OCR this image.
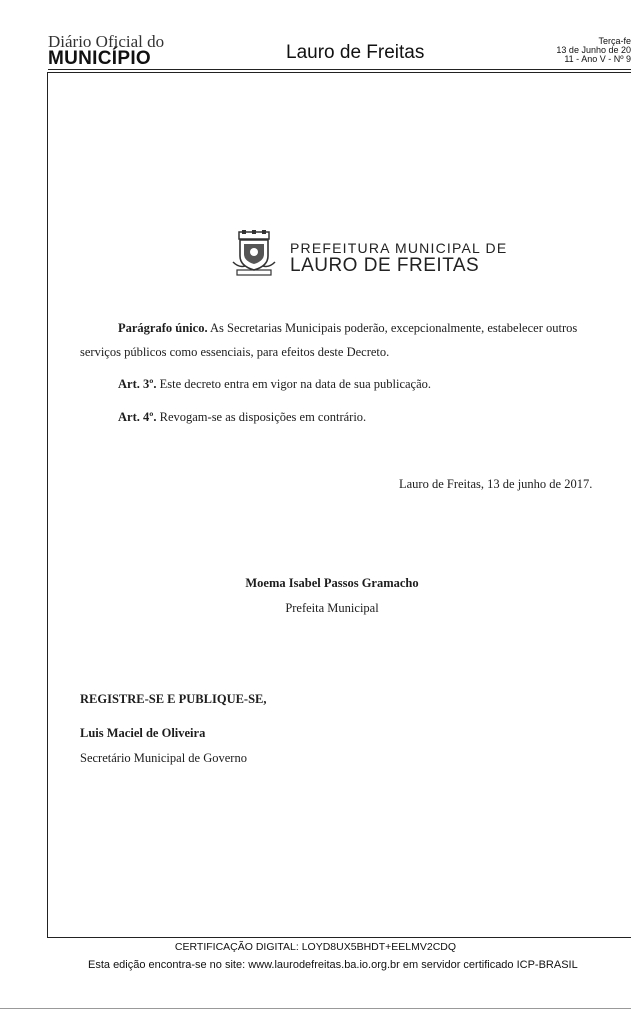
Diário Oficial do
MUNICÍPIO	Lauro de Freitas
Terça-fe
13 de Junho de 20
11 - Ano V - Nº 9
PREFEITURA MUNICIPAL DE
LAURO DE FREITAS
Parágrafo único. As Secretarias Municipais poderão, excepcionalmente, estabelecer outros
serviços públicos como essenciais, para efeitos deste Decreto.
Art. 3º. Este decreto entra em vigor na data de sua publicação.
Art. 4º. Revogam-se as disposições em contrário.
Lauro de Freitas, 13 de junho de 2017.
Moema Isabel Passos Gramacho
Prefeita Municipal
REGISTRE-SE E PUBLIQUE-SE,
Luis Maciel de Oliveira
Secretário Municipal de Governo
CERTIFICAÇÃO DIGITAL: LOYD8UX5BHDT+EELMV2CDQ
Esta edição encontra-se no site: www.laurodefreitas.ba.io.org.br em servidor certificado ICP-BRASIL
